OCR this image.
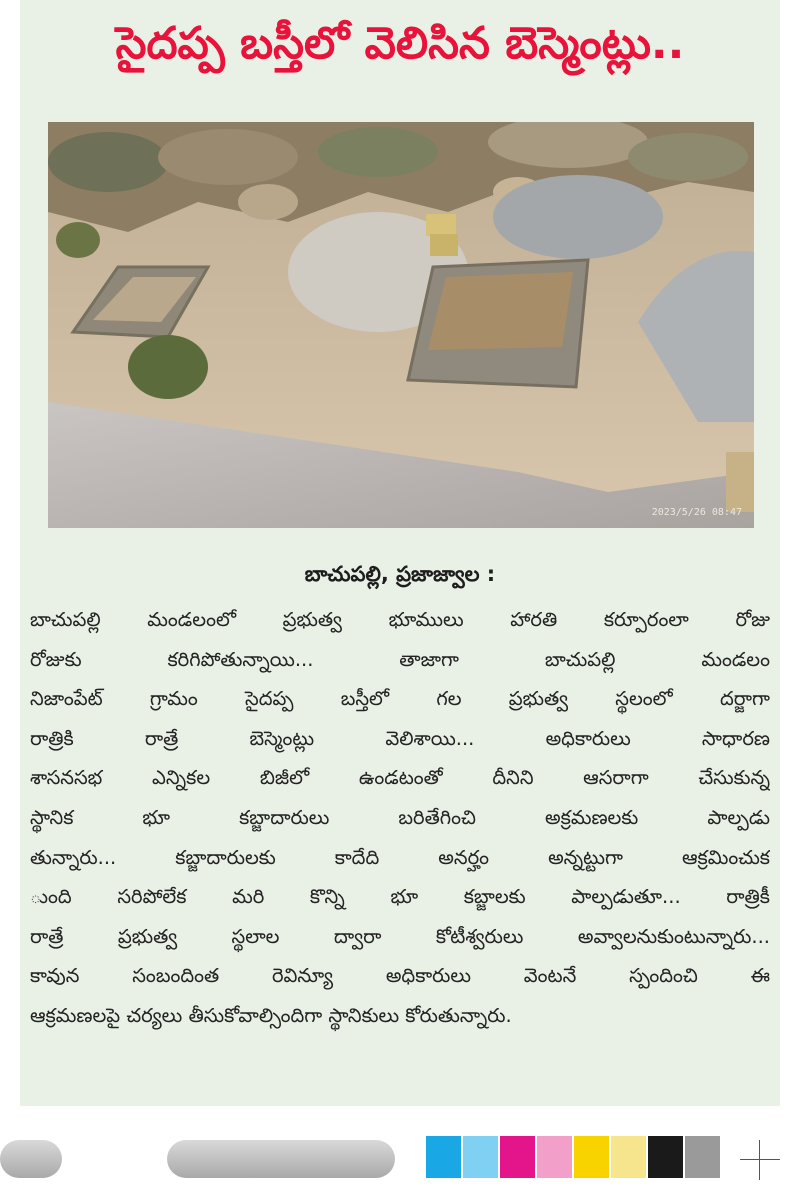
సైదప్ప బస్తీలో వెలిసిన బెస్మెంట్లు..
2023/5/26 08:47
బాచుపల్లి, ప్రజాజ్వాల :
బాచుపల్లి మండలంలో ప్రభుత్వ భూములు హారతి కర్పూరంలా రోజు
రోజుకు కరిగిపోతున్నాయి... తాజాగా బాచుపల్లి మండలం
నిజాంపేట్ గ్రామం సైదప్ప బస్తీలో గల ప్రభుత్వ స్థలంలో దర్జాగా
రాత్రికి రాత్రే బెస్మెంట్లు వెలిశాయి... అధికారులు సాధారణ
శాసనసభ ఎన్నికల బిజీలో ఉండటంతో దీనిని ఆసరాగా చేసుకున్న
స్థానిక భూ కబ్జాదారులు బరితేగించి అక్రమణలకు పాల్పడు
తున్నారు... కబ్జాదారులకు కాదేది అనర్హం అన్నట్టుగా ఆక్రమించుక
ుంది సరిపోలేక మరి కొన్ని భూ కబ్జాలకు పాల్పడుతూ... రాత్రికీ
రాత్రే ప్రభుత్వ స్థలాల ద్వారా కోటీశ్వరులు అవ్వాలనుకుంటున్నారు...
కావున సంబందింత రెవిన్యూ అధికారులు వెంటనే స్పందించి ఈ
ఆక్రమణలపై చర్యలు తీసుకోవాల్సిందిగా స్థానికులు కోరుతున్నారు.
